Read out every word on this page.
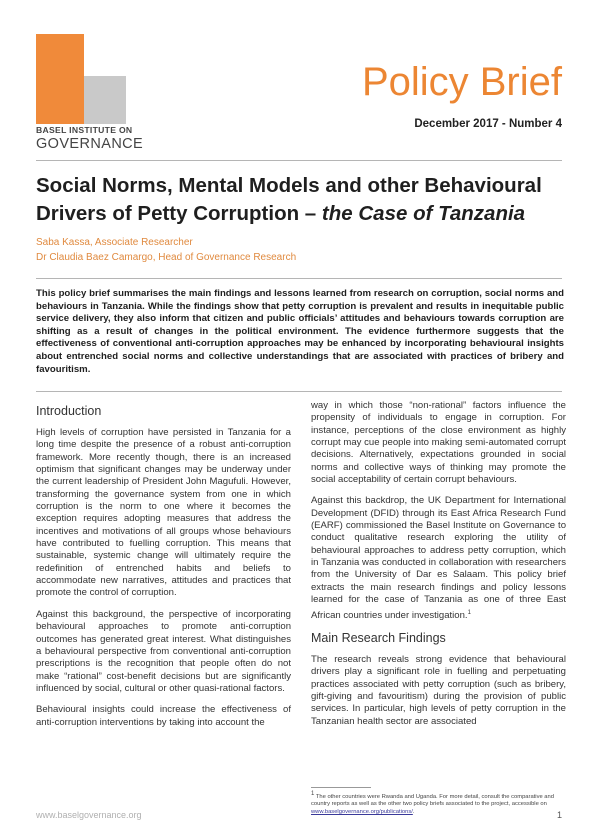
BASEL INSTITUTE ON
GOVERNANCE
Policy Brief
December 2017 - Number 4
Social Norms, Mental Models and other Behavioural Drivers of Petty Corruption – the Case of Tanzania
Saba Kassa, Associate Researcher
Dr Claudia Baez Camargo, Head of Governance Research

This policy brief summarises the main findings and lessons learned from research on corruption, social norms and behaviours in Tanzania. While the findings show that petty corruption is prevalent and results in inequitable public service delivery, they also inform that citizen and public officials’ attitudes and behaviours towards corruption are shifting as a result of changes in the political environment. The evidence furthermore suggests that the effectiveness of conventional anti-corruption approaches may be enhanced by incorporating behavioural insights about entrenched social norms and collective understandings that are associated with practices of bribery and favouritism.

Introduction

High levels of corruption have persisted in Tanzania for a long time despite the presence of a robust anti-corruption framework. More recently though, there is an increased optimism that significant changes may be underway under the current leadership of President John Magufuli. However, transforming the governance system from one in which corruption is the norm to one where it becomes the exception requires adopting measures that address the incentives and motivations of all groups whose behaviours have contributed to fuelling corruption. This means that sustainable, systemic change will ultimately require the redefinition of entrenched habits and beliefs to accommodate new narratives, attitudes and practices that promote the control of corruption.

Against this background, the perspective of incorporating behavioural approaches to promote anti-corruption outcomes has generated great interest. What distinguishes a behavioural perspective from conventional anti-corruption prescriptions is the recognition that people often do not make “rational” cost-benefit decisions but are significantly influenced by social, cultural or other quasi-rational factors.

Behavioural insights could increase the effectiveness of anti-corruption interventions by taking into account the

way in which those “non-rational” factors influence the propensity of individuals to engage in corruption. For instance, perceptions of the close environment as highly corrupt may cue people into making semi-automated corrupt decisions. Alternatively, expectations grounded in social norms and collective ways of thinking may promote the social acceptability of certain corrupt behaviours.

Against this backdrop, the UK Department for International Development (DFID) through its East Africa Research Fund (EARF) commissioned the Basel Institute on Governance to conduct qualitative research exploring the utility of behavioural approaches to address petty corruption, which in Tanzania was conducted in collaboration with researchers from the University of Dar es Salaam. This policy brief extracts the main research findings and policy lessons learned for the case of Tanzania as one of three East African countries under investigation.$^1$

Main Research Findings

The research reveals strong evidence that behavioural drivers play a significant role in fuelling and perpetuating practices associated with petty corruption (such as bribery, gift-giving and favouritism) during the provision of public services. In particular, high levels of petty corruption in the Tanzanian health sector are associated

$^1$ The other countries were Rwanda and Uganda. For more detail, consult the comparative and country reports as well as the other two policy briefs associated to the project, accessible on www.baselgovernance.org/publications/.
www.baselgovernance.org	1
